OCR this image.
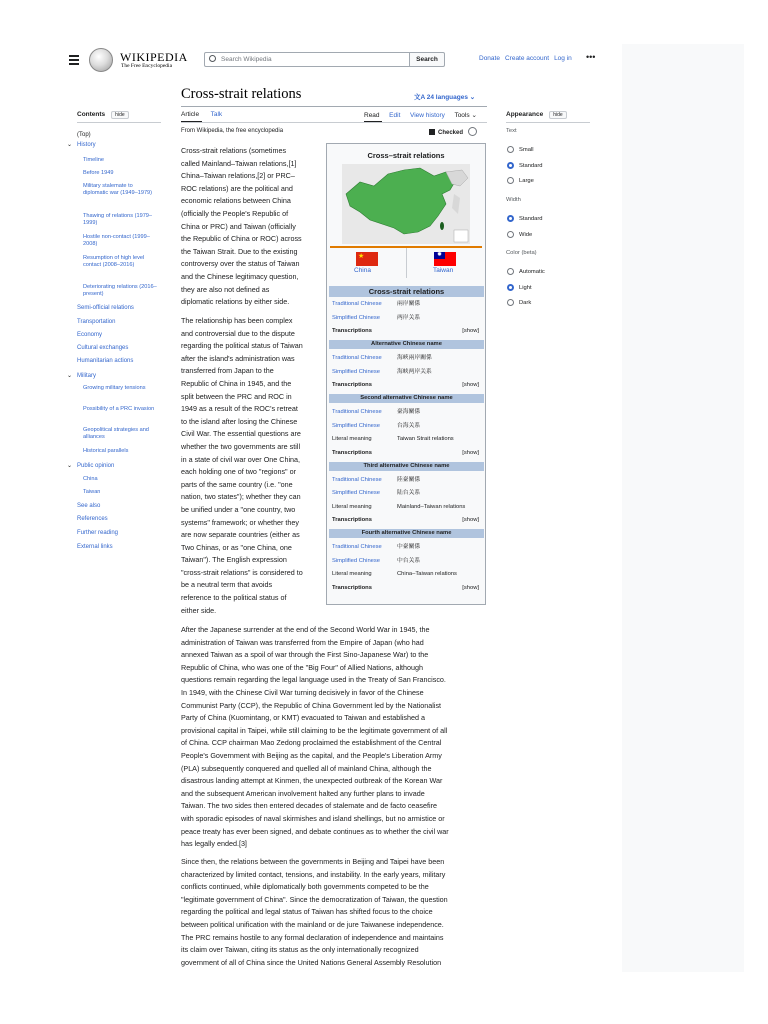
WIKIPEDIA
The Free Encyclopedia
Search Wikipedia	Search	Donate Create account Log in	•••
Contents hide
(Top)
History
⌄
Timeline
Before 1949
Military stalemate to diplomatic war (1949–1979)
Thawing of relations (1979–1999)
Hostile non-contact (1999–2008)
Resumption of high level contact (2008–2016)
Deteriorating relations (2016–present)
Semi-official relations
Transportation
Economy
Cultural exchanges
Humanitarian actions
Military
⌄
Growing military tensions
Possibility of a PRC invasion
Geopolitical strategies and alliances
Historical parallels
Public opinion
⌄
China
Taiwan
See also
References
Further reading
External links
Cross-strait relations	文A 24 languages ⌄
Article Talk	Read Edit View history Tools ⌄
From Wikipedia, the free encyclopedia	Checked
Appearance hide
Text
Small
Standard
Large
Width
Standard
Wide
Color (beta)
Automatic
Light
Dark
Cross-strait relations (sometimes
called Mainland–Taiwan relations,[1]
China–Taiwan relations,[2] or PRC–
ROC relations) are the political and
economic relations between China
(officially the People's Republic of
China or PRC) and Taiwan (officially
the Republic of China or ROC) across
the Taiwan Strait. Due to the existing
controversy over the status of Taiwan
and the Chinese legitimacy question,
they are also not defined as
diplomatic relations by either side.
The relationship has been complex
and controversial due to the dispute
regarding the political status of Taiwan
after the island's administration was
transferred from Japan to the
Republic of China in 1945, and the
split between the PRC and ROC in
1949 as a result of the ROC's retreat
to the island after losing the Chinese
Civil War. The essential questions are
whether the two governments are still
in a state of civil war over One China,
each holding one of two "regions" or
parts of the same country (i.e. "one
nation, two states"); whether they can
be unified under a "one country, two
systems" framework; or whether they
are now separate countries (either as
Two Chinas, or as "one China, one
Taiwan"). The English expression
"cross-strait relations" is considered to
be a neutral term that avoids
reference to the political status of
either side.
After the Japanese surrender at the end of the Second World War in 1945, the
administration of Taiwan was transferred from the Empire of Japan (who had
annexed Taiwan as a spoil of war through the First Sino-Japanese War) to the
Republic of China, who was one of the "Big Four" of Allied Nations, although
questions remain regarding the legal language used in the Treaty of San Francisco.
In 1949, with the Chinese Civil War turning decisively in favor of the Chinese
Communist Party (CCP), the Republic of China Government led by the Nationalist
Party of China (Kuomintang, or KMT) evacuated to Taiwan and established a
provisional capital in Taipei, while still claiming to be the legitimate government of all
of China. CCP chairman Mao Zedong proclaimed the establishment of the Central
People's Government with Beijing as the capital, and the People's Liberation Army
(PLA) subsequently conquered and quelled all of mainland China, although the
disastrous landing attempt at Kinmen, the unexpected outbreak of the Korean War
and the subsequent American involvement halted any further plans to invade
Taiwan. The two sides then entered decades of stalemate and de facto ceasefire
with sporadic episodes of naval skirmishes and island shellings, but no armistice or
peace treaty has ever been signed, and debate continues as to whether the civil war
has legally ended.[3]
Since then, the relations between the governments in Beijing and Taipei have been
characterized by limited contact, tensions, and instability. In the early years, military
conflicts continued, while diplomatically both governments competed to be the
"legitimate government of China". Since the democratization of Taiwan, the question
regarding the political and legal status of Taiwan has shifted focus to the choice
between political unification with the mainland or de jure Taiwanese independence.
The PRC remains hostile to any formal declaration of independence and maintains
its claim over Taiwan, citing its status as the only internationally recognized
government of all of China since the United Nations General Assembly Resolution
Cross–strait relations
★
China
✹
Taiwan
Cross-strait relations
Traditional Chinese	兩岸關係
Simplified Chinese	两岸关系
Transcriptions	[show]
Alternative Chinese name
Traditional Chinese	海峽兩岸關係
Simplified Chinese	海峡两岸关系
Transcriptions	[show]
Second alternative Chinese name
Traditional Chinese	臺海關係
Simplified Chinese	台海关系
Literal meaning	Taiwan Strait relations
Transcriptions	[show]
Third alternative Chinese name
Traditional Chinese	陸臺關係
Simplified Chinese	陆台关系
Literal meaning	Mainland–Taiwan relations
Transcriptions	[show]
Fourth alternative Chinese name
Traditional Chinese	中臺關係
Simplified Chinese	中台关系
Literal meaning	China–Taiwan relations
Transcriptions	[show]
